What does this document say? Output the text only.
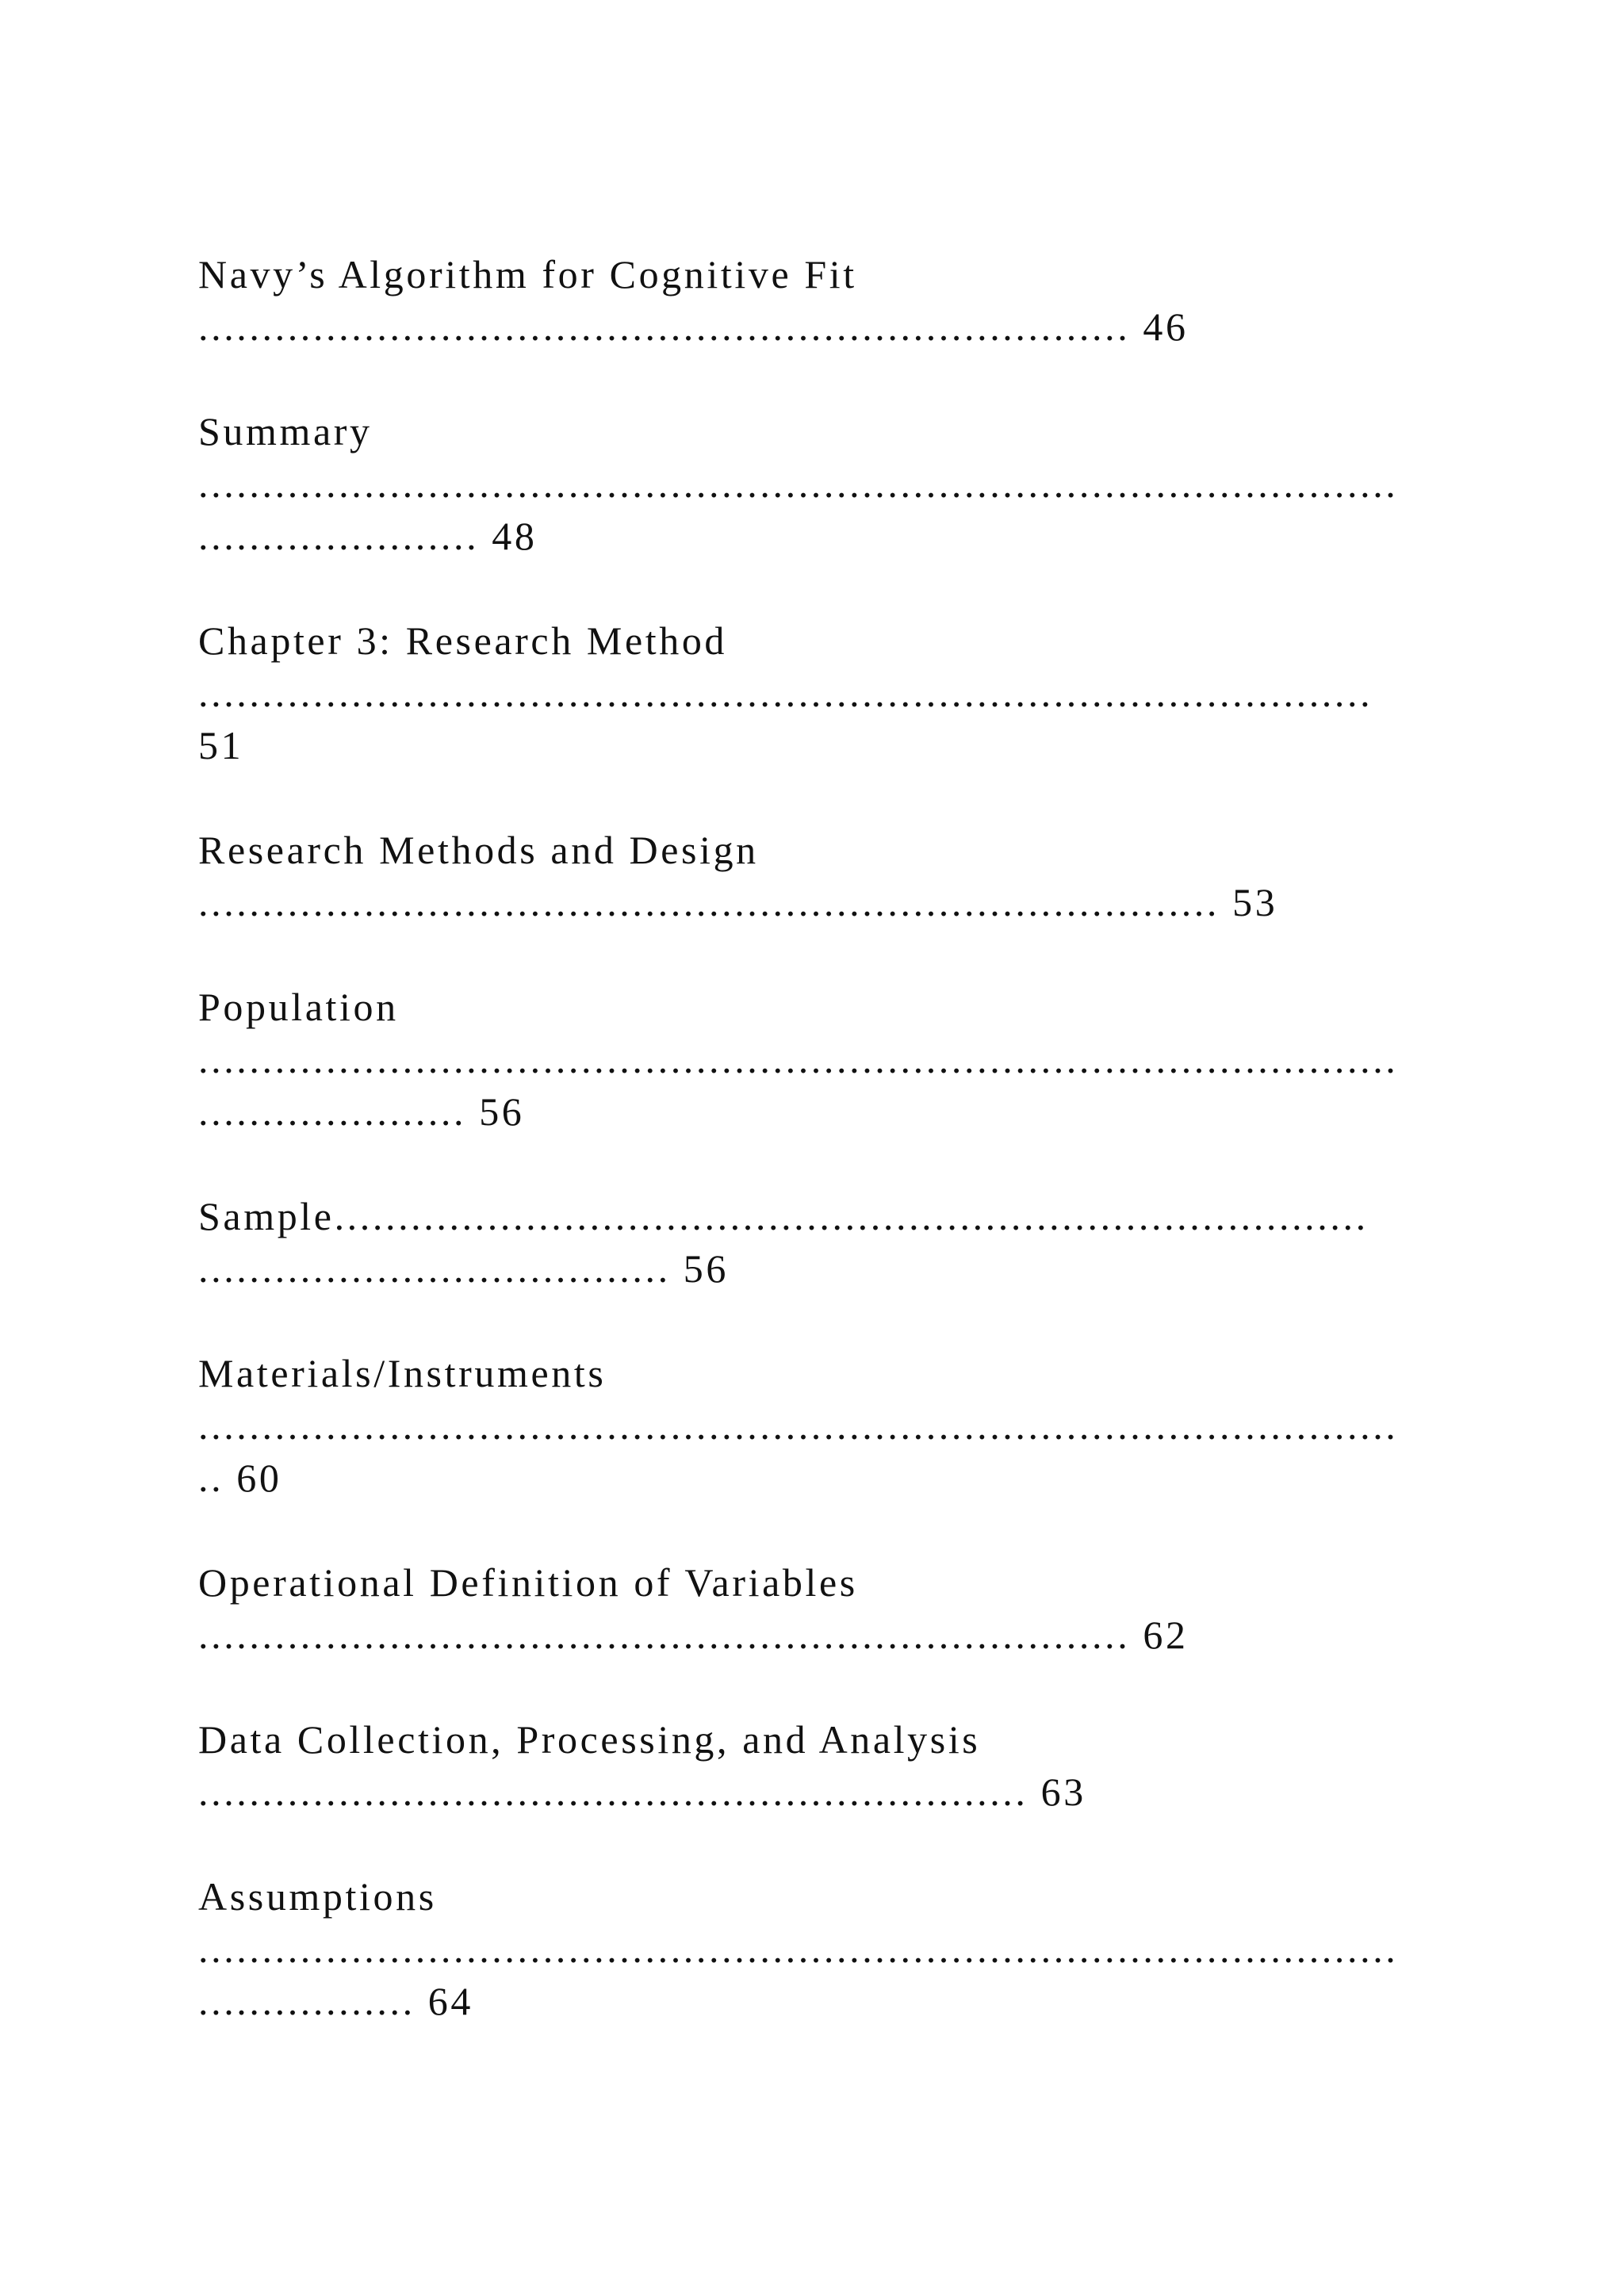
Navy’s Algorithm for Cognitive Fit
......................................................................... 46
Summary
..............................................................................................
...................... 48
Chapter 3: Research Method
............................................................................................
51
Research Methods and Design
................................................................................ 53
Population
..............................................................................................
..................... 56
Sample.................................................................................
..................................... 56
Materials/Instruments
..............................................................................................
.. 60
Operational Definition of Variables
......................................................................... 62
Data Collection, Processing, and Analysis
................................................................. 63
Assumptions
..............................................................................................
................. 64
